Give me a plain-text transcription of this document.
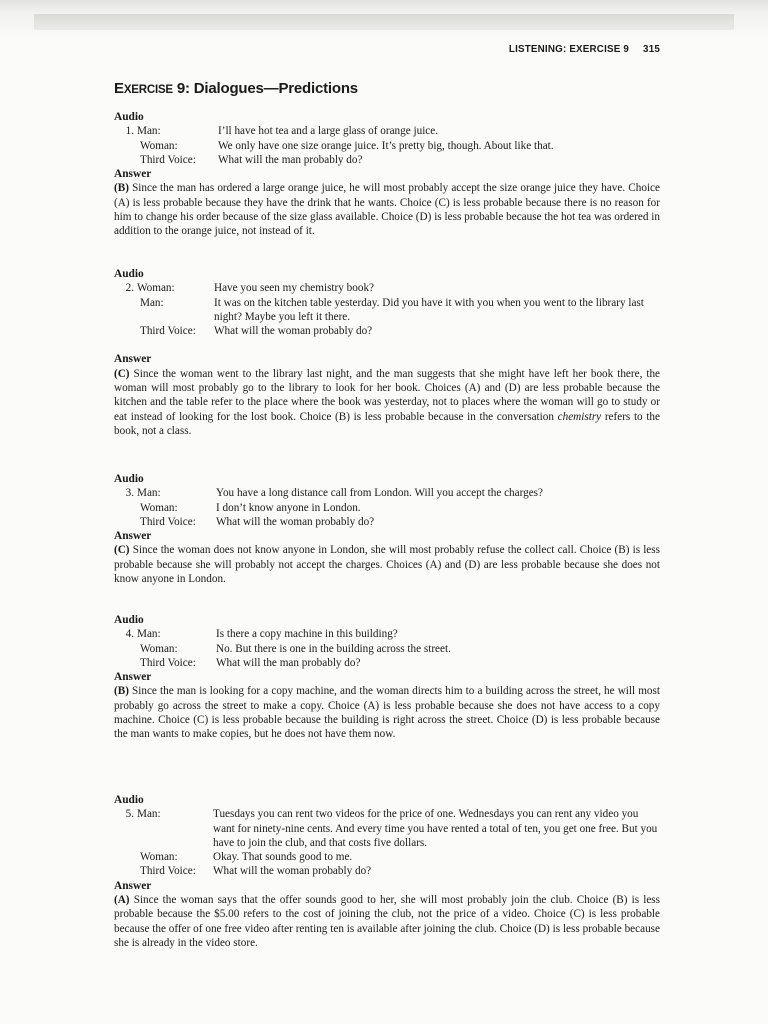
LISTENING: EXERCISE 9 315
EXERCISE 9: Dialogues—Predictions
Audio
1.	Man:	I’ll have hot tea and a large glass of orange juice.
	Woman:	We only have one size orange juice. It’s pretty big, though. About like that.
	Third Voice:	What will the man probably do?
Answer
(B) Since the man has ordered a large orange juice, he will most probably accept the size orange juice they have. Choice (A) is less probable because they have the drink that he wants. Choice (C) is less probable because there is no reason for him to change his order because of the size glass available. Choice (D) is less probable because the hot tea was ordered in addition to the orange juice, not instead of it.
Audio
2.	Woman:	Have you seen my chemistry book?
	Man:	It was on the kitchen table yesterday. Did you have it with you when you went to the library last night? Maybe you left it there.
	Third Voice:	What will the woman probably do?
Answer
(C) Since the woman went to the library last night, and the man suggests that she might have left her book there, the woman will most probably go to the library to look for her book. Choices (A) and (D) are less probable because the kitchen and the table refer to the place where the book was yesterday, not to places where the woman will go to study or eat instead of looking for the lost book. Choice (B) is less probable because in the conversation chemistry refers to the book, not a class.
Audio
3.	Man:	You have a long distance call from London. Will you accept the charges?
	Woman:	I don’t know anyone in London.
	Third Voice:	What will the woman probably do?
Answer
(C) Since the woman does not know anyone in London, she will most probably refuse the collect call. Choice (B) is less probable because she will probably not accept the charges. Choices (A) and (D) are less probable because she does not know anyone in London.
Audio
4.	Man:	Is there a copy machine in this building?
	Woman:	No. But there is one in the building across the street.
	Third Voice:	What will the man probably do?
Answer
(B) Since the man is looking for a copy machine, and the woman directs him to a building across the street, he will most probably go across the street to make a copy. Choice (A) is less probable because she does not have access to a copy machine. Choice (C) is less probable because the building is right across the street. Choice (D) is less probable because the man wants to make copies, but he does not have them now.
Audio
5.	Man:	Tuesdays you can rent two videos for the price of one. Wednesdays you can rent any video you want for ninety-nine cents. And every time you have rented a total of ten, you get one free. But you have to join the club, and that costs five dollars.
	Woman:	Okay. That sounds good to me.
	Third Voice:	What will the woman probably do?
Answer
(A) Since the woman says that the offer sounds good to her, she will most probably join the club. Choice (B) is less probable because the $5.00 refers to the cost of joining the club, not the price of a video. Choice (C) is less probable because the offer of one free video after renting ten is available after joining the club. Choice (D) is less probable because she is already in the video store.
